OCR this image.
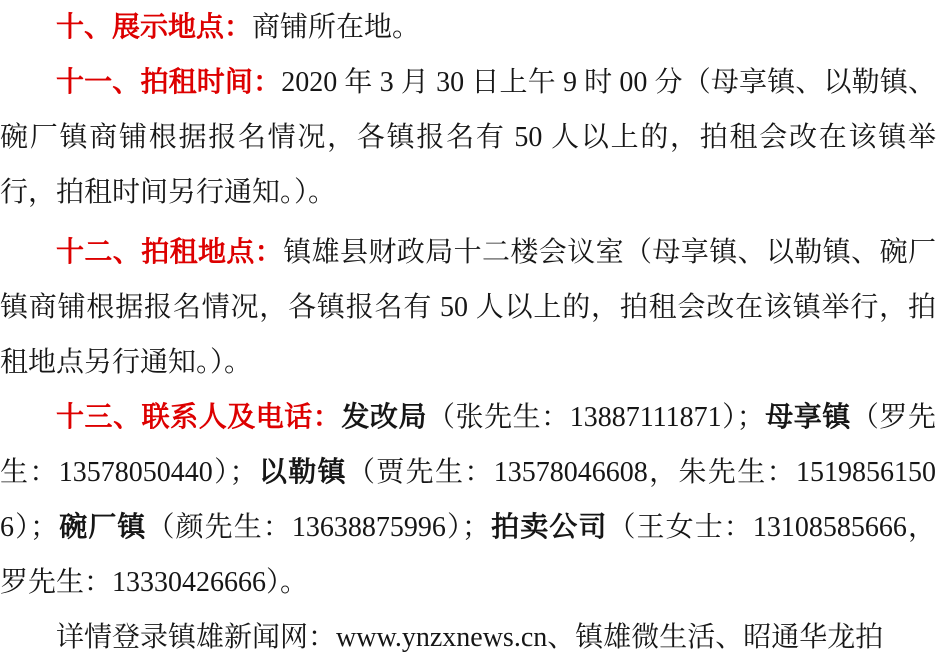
十、展示地点：商铺所在地。

十一、拍租时间：2020 年 3 月 30 日上午 9 时 00 分（母享镇、以勒镇、碗厂镇商铺根据报名情况，各镇报名有 50 人以上的，拍租会改在该镇举行，拍租时间另行通知。）。

十二、拍租地点：镇雄县财政局十二楼会议室（母享镇、以勒镇、碗厂镇商铺根据报名情况，各镇报名有 50 人以上的，拍租会改在该镇举行，拍租地点另行通知。）。

十三、联系人及电话：发改局（张先生：13887111871）；母享镇（罗先生：13578050440）；以勒镇（贾先生：13578046608，朱先生：15198561506）；碗厂镇（颜先生：13638875996）；拍卖公司（王女士：13108585666，罗先生：13330426666）。

详情登录镇雄新闻网：www.ynzxnews.cn、镇雄微生活、昭通华龙拍
